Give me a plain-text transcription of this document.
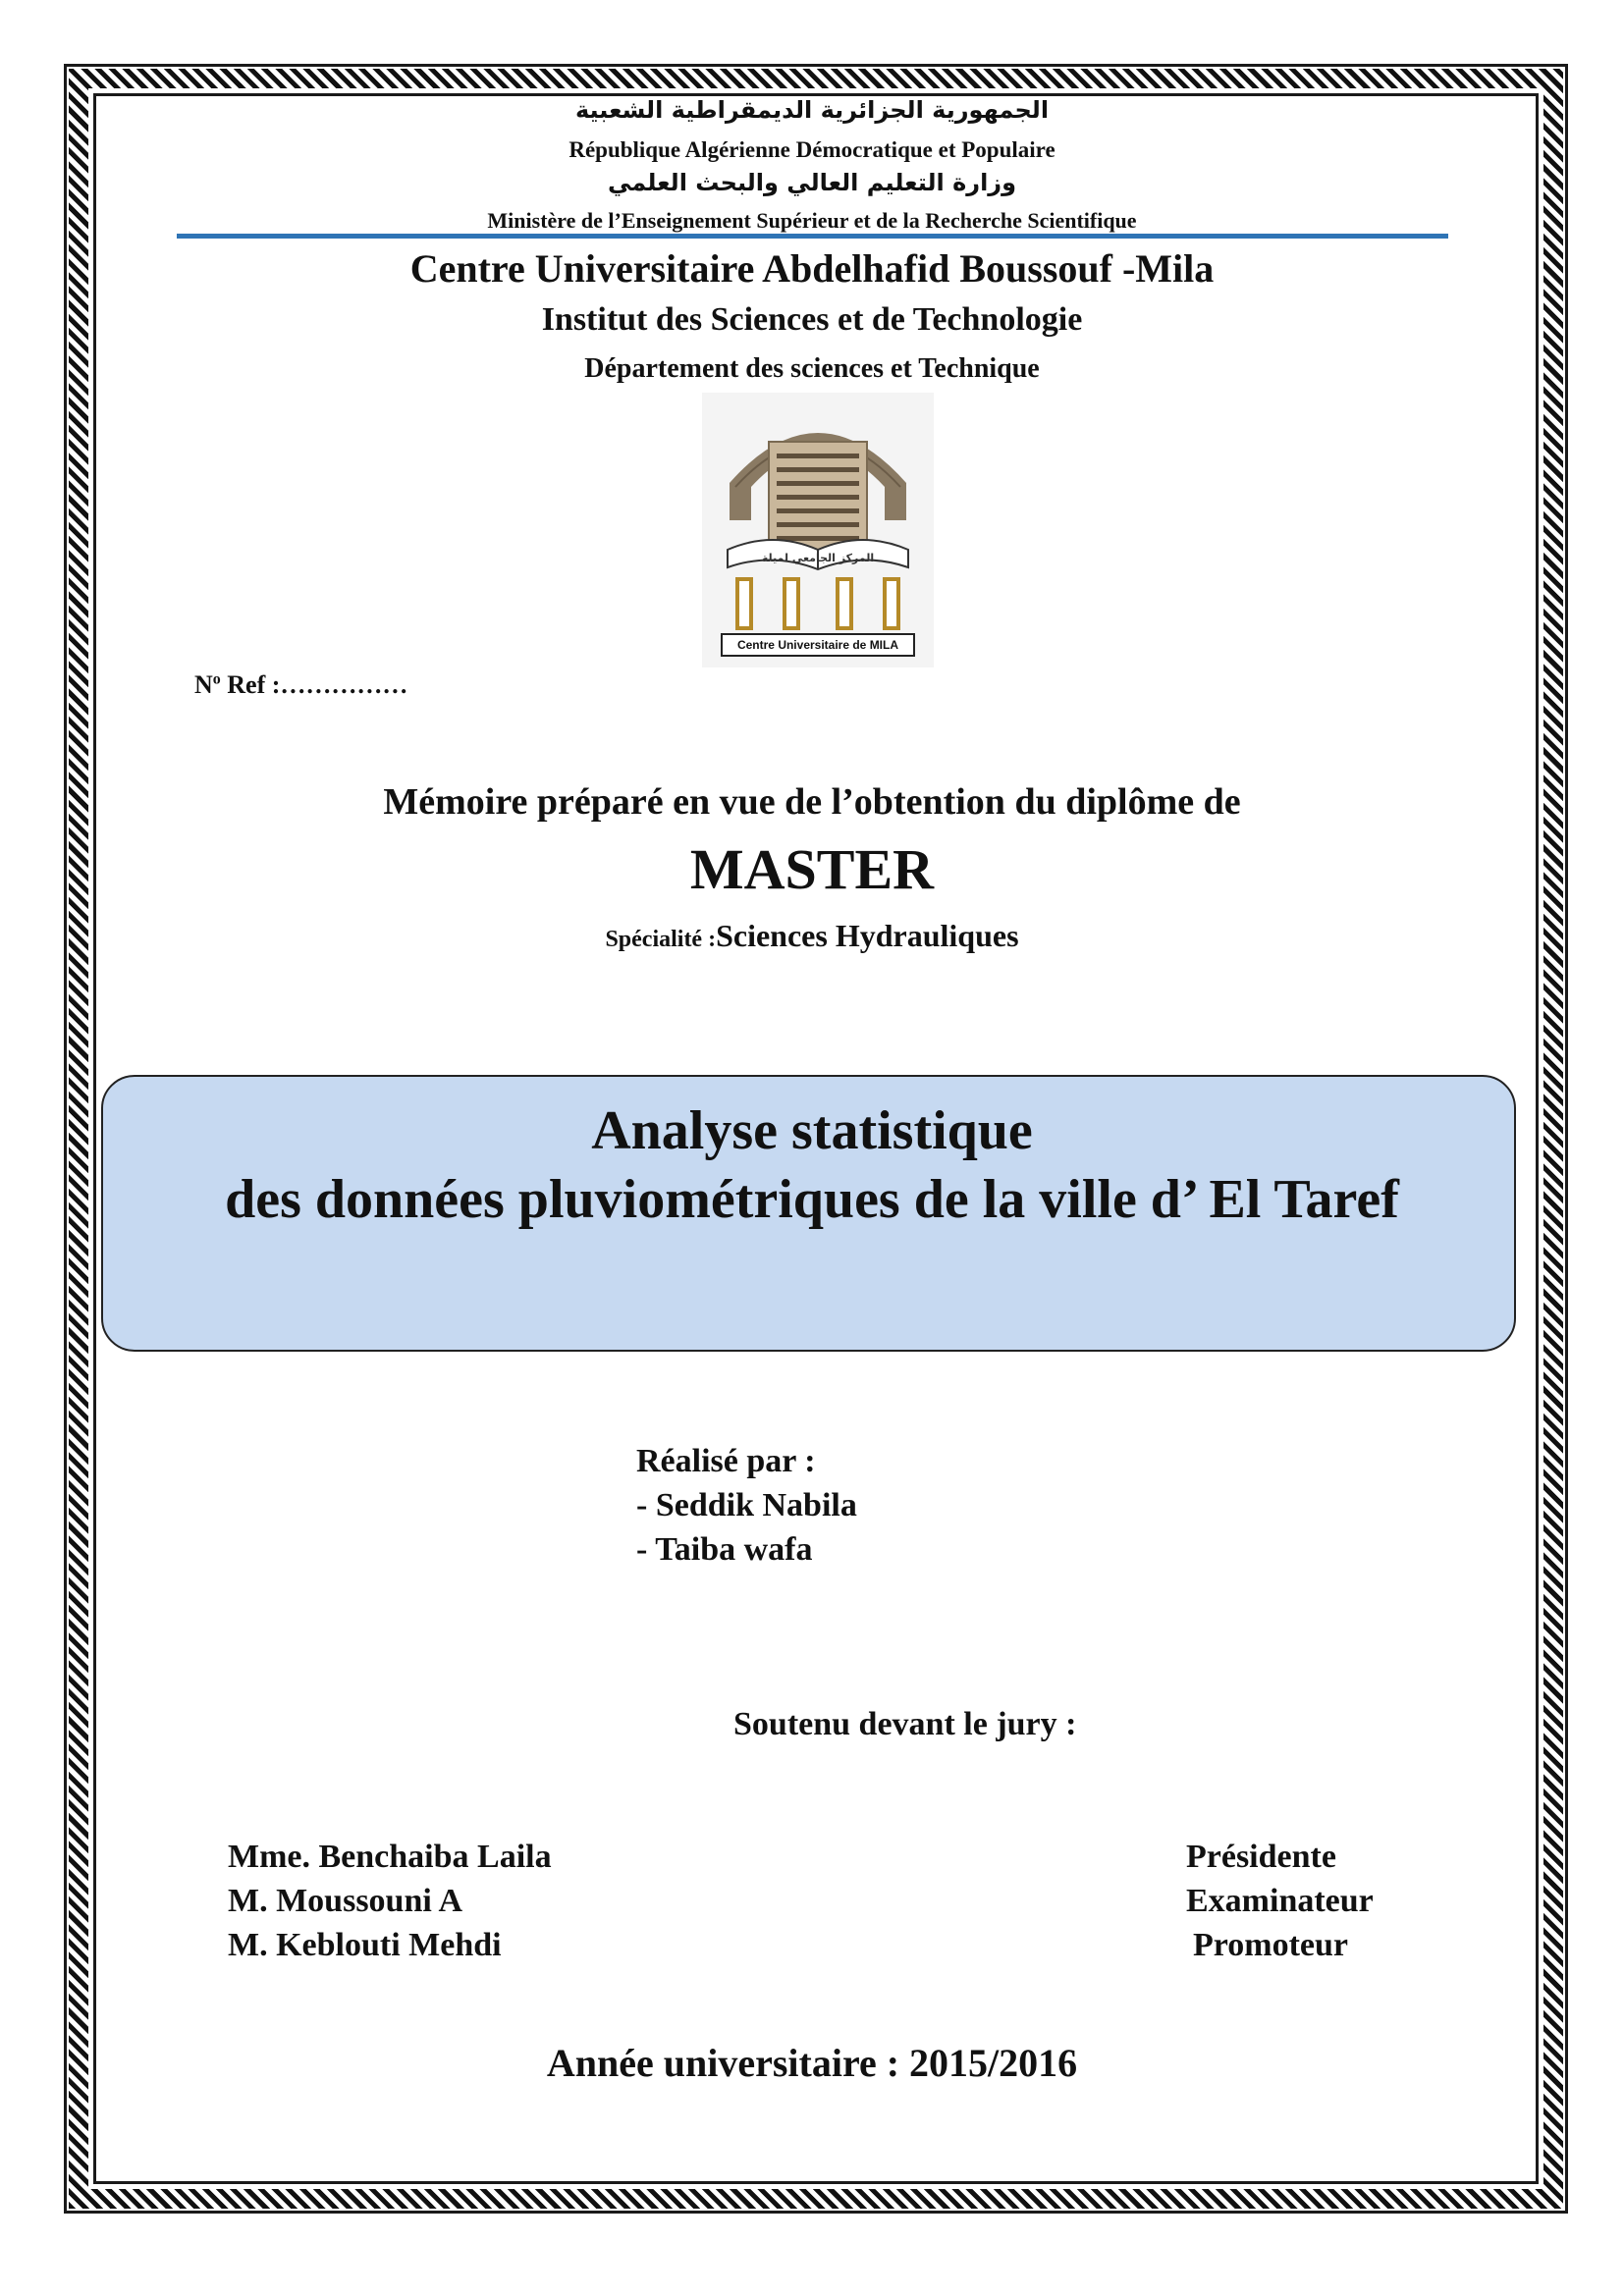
الجمهورية الجزائرية الديمقراطية الشعبية
République Algérienne Démocratique et Populaire
وزارة التعليم العالي والبحث العلمي
Ministère de l’Enseignement Supérieur et de la Recherche Scientifique
Centre Universitaire Abdelhafid Boussouf -Mila
Institut des Sciences et de Technologie
Département des sciences et Technique
المركز الجامعي لميلة
Centre Universitaire de MILA
$N^o$ Ref :……………
Mémoire préparé en vue de l’obtention du diplôme de
MASTER
Spécialité :Sciences Hydrauliques
Analyse statistique
des données pluviométriques de la ville d’ El Taref
Réalisé par :
- Seddik Nabila
- Taiba wafa
Soutenu devant le jury :
Mme. Benchaiba Laila	Présidente
M. Moussouni A	Examinateur
M. Keblouti Mehdi	Promoteur
Année universitaire : 2015/2016
